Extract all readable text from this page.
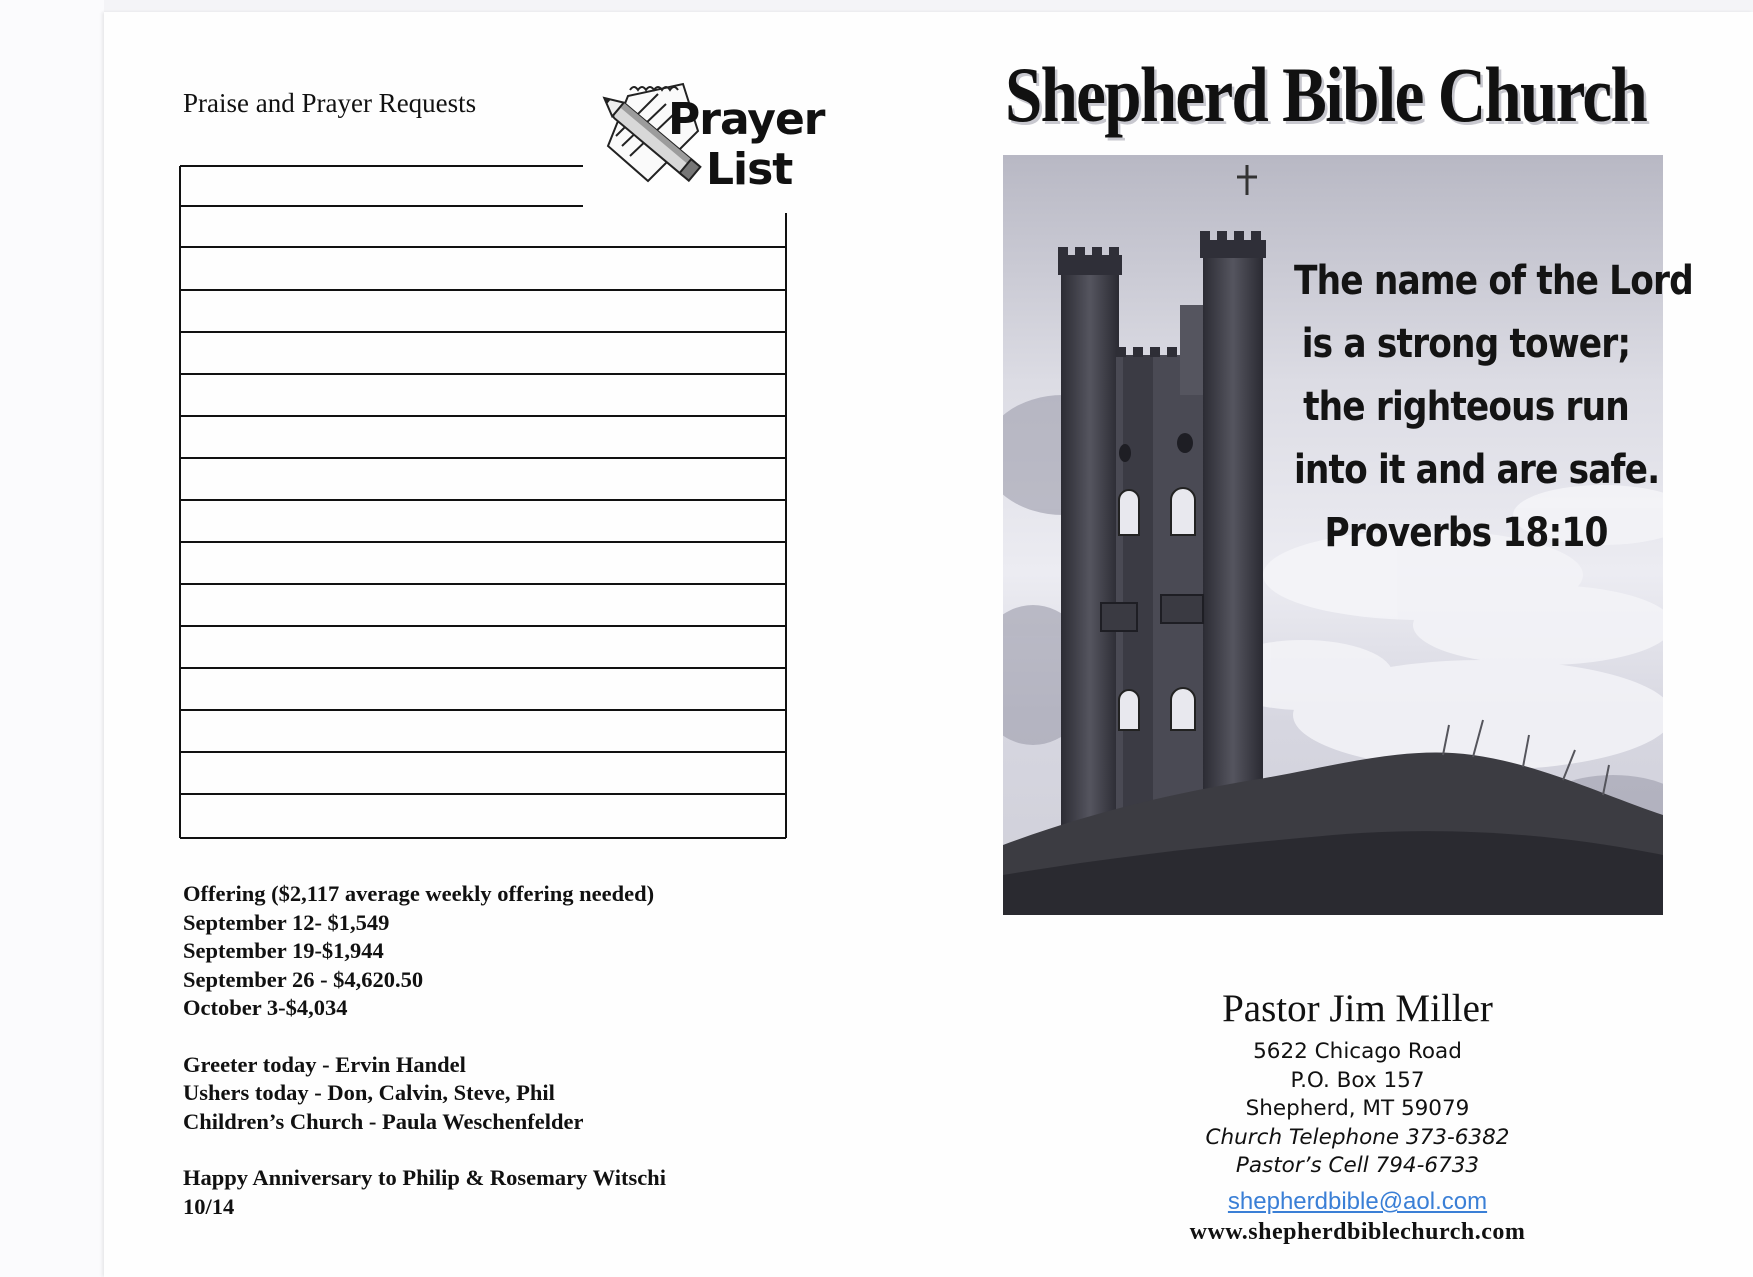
Praise and Prayer Requests	Prayer
List
Offering ($2,117 average weekly offering needed)
September 12- $1,549
September 19-$1,944
September 26 - $4,620.50
October 3-$4,034
Greeter today - Ervin Handel
Ushers today - Don, Calvin, Steve, Phil
Children’s Church - Paula Weschenfelder
Happy Anniversary to Philip & Rosemary Witschi
10/14
Shepherd Bible Church
The name of the Lord
is a strong tower;
the righteous run
into it and are safe.
Proverbs 18:10
Pastor Jim Miller
5622 Chicago Road
P.O. Box 157
Shepherd, MT 59079
Church Telephone 373-6382
Pastor’s Cell 794-6733
shepherdbible@aol.com
www.shepherdbiblechurch.com
